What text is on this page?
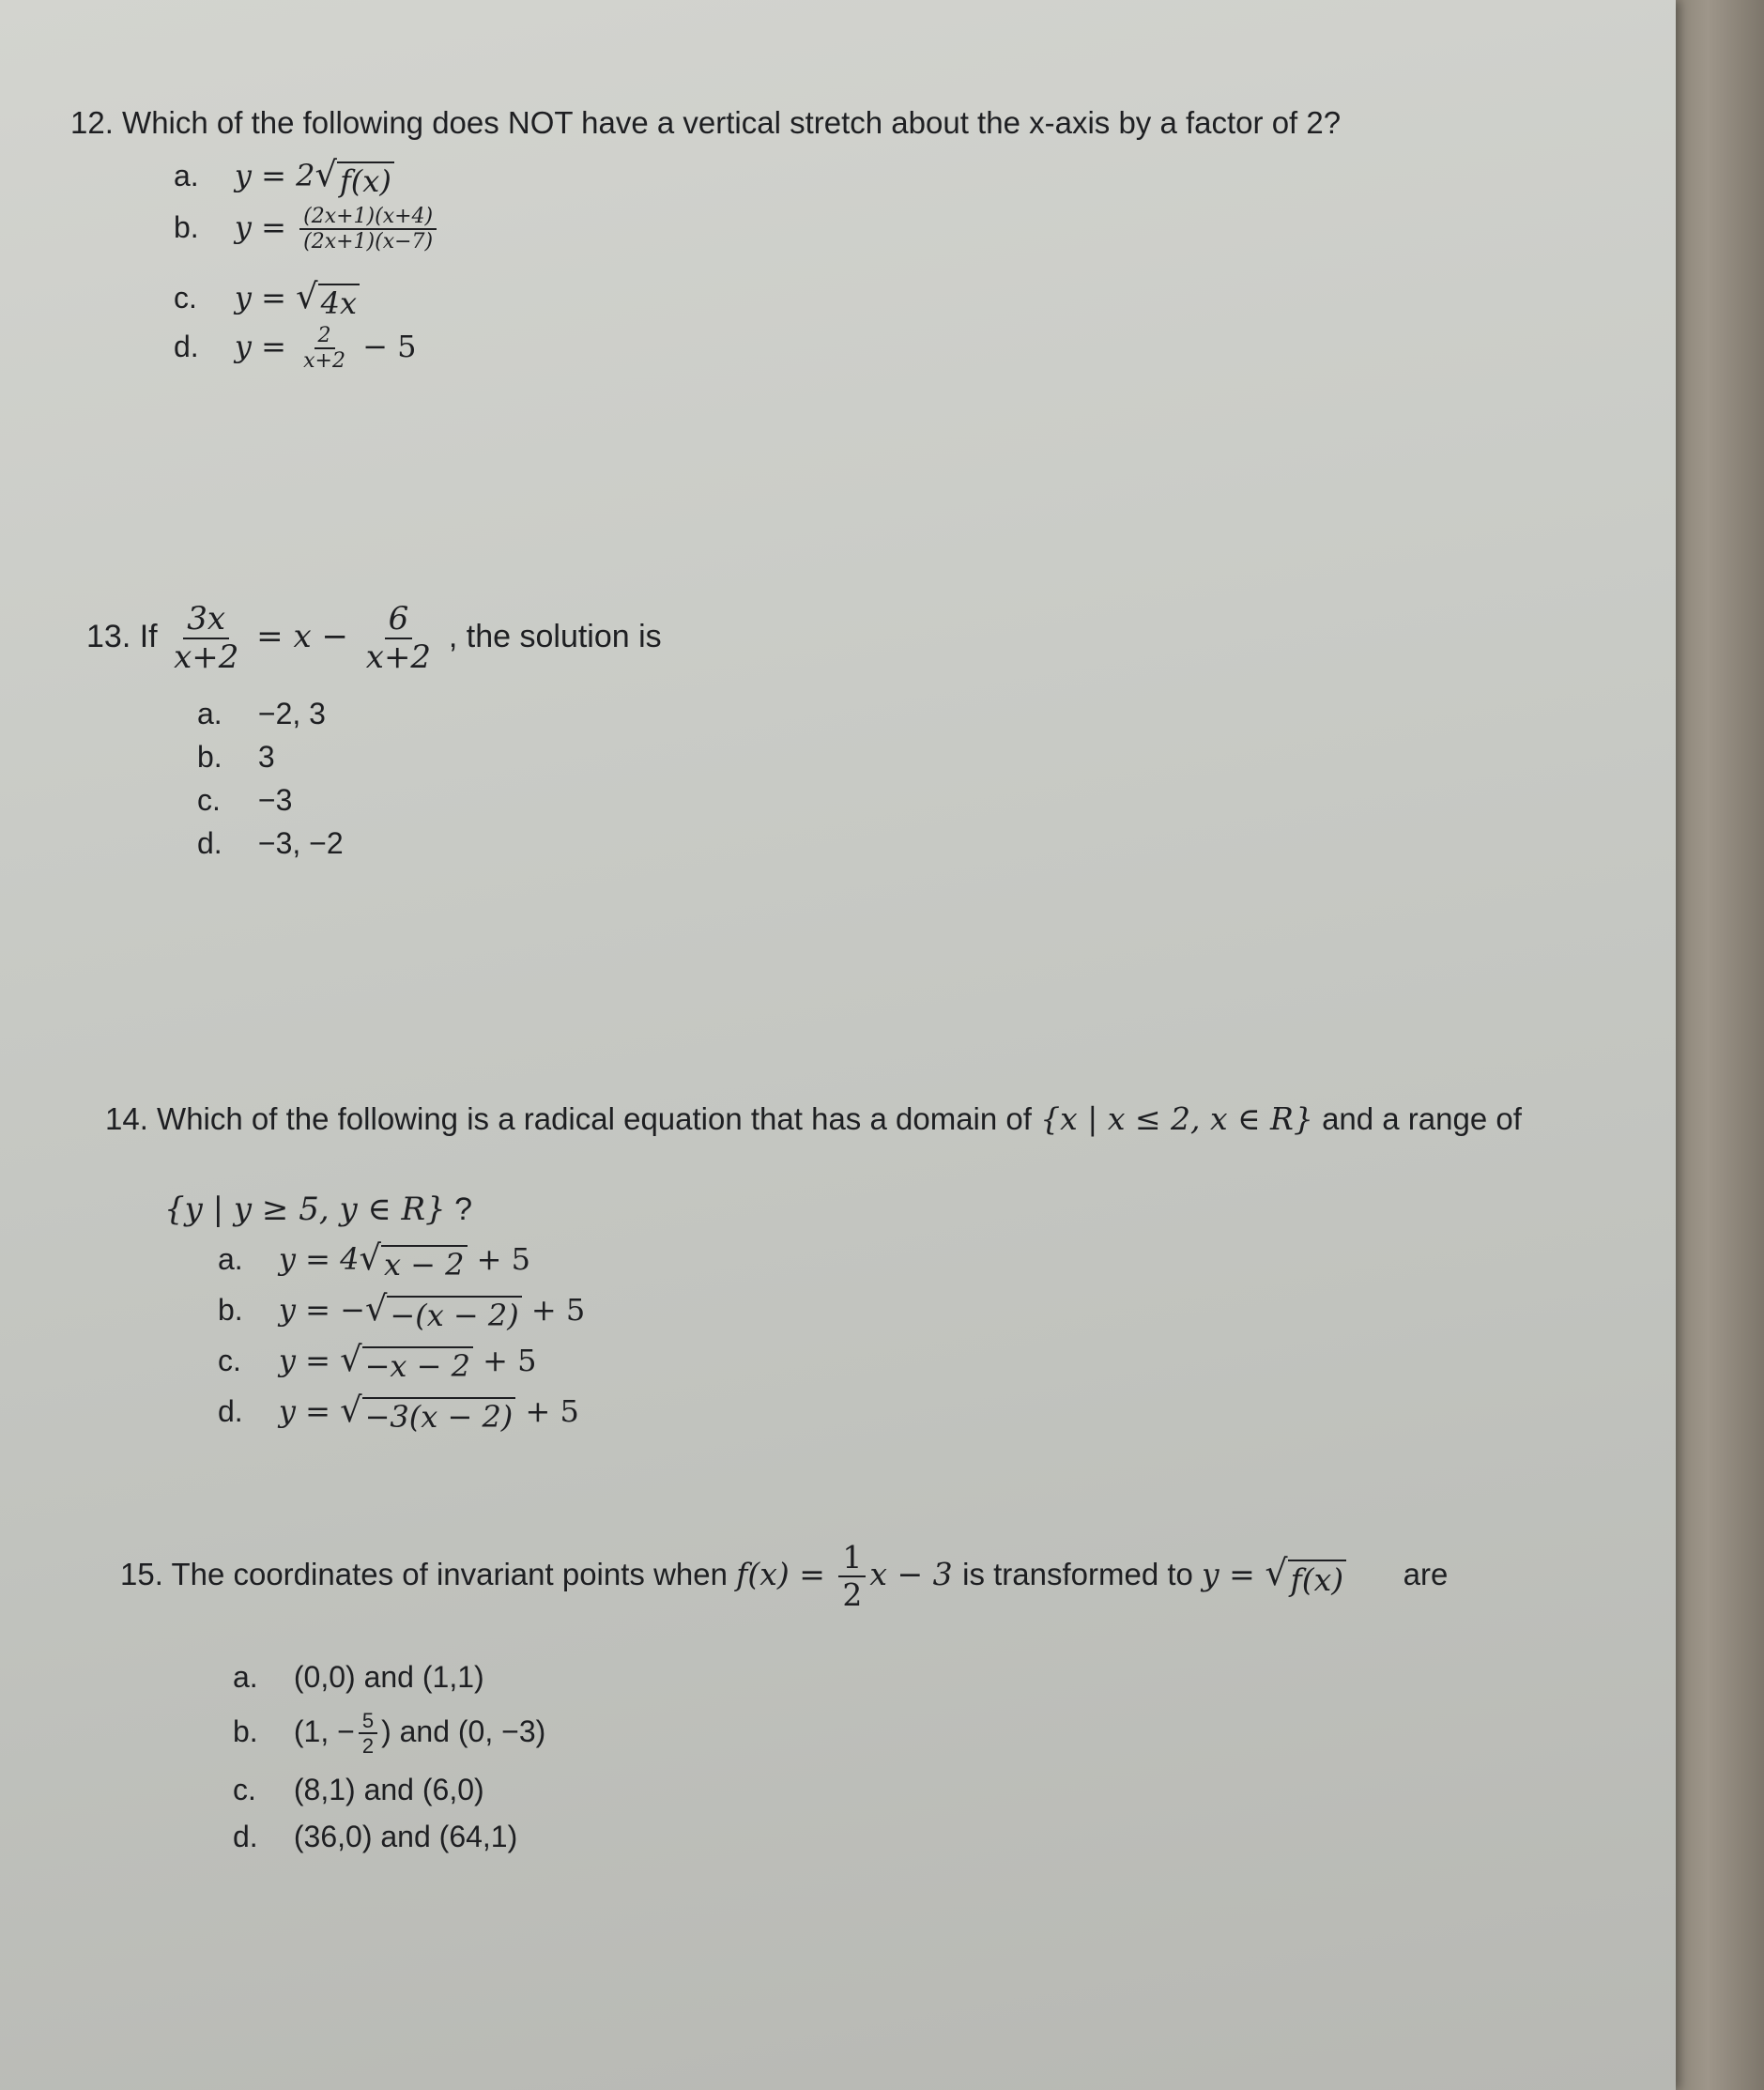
12. Which of the following does NOT have a vertical stretch about the x-axis by a factor of 2?
a. y = 2 √ f(x)
b. $y = \frac{(2x+1)(x+4)}{(2x+1)(x-7)}$
c. y = √ 4x
d. $y = \frac{2}{x+2} - 5$
13. If $\frac{3x}{x+2} = x - \frac{6}{x+2}$ , the solution is
a. −2, 3
b. 3
c. −3
d. −3, −2
14. Which of the following is a radical equation that has a domain of {x | x ≤ 2, x ∈ R} and a range of
{y | y ≥ 5, y ∈ R} ?
a. y = 4 √ x − 2 + 5
b. y = − √ −(x − 2) + 5
c. y = √ −x − 2 + 5
d. y = √ −3(x − 2) + 5
15. The coordinates of invariant points when $f(x) = \frac{1}{2}$ x − 3 is transformed to y = √ f(x) are
a. (0,0) and (1,1)
b. (1, − $\frac{5}{2}$ ) and (0, −3)
c. (8,1) and (6,0)
d. (36,0) and (64,1)
